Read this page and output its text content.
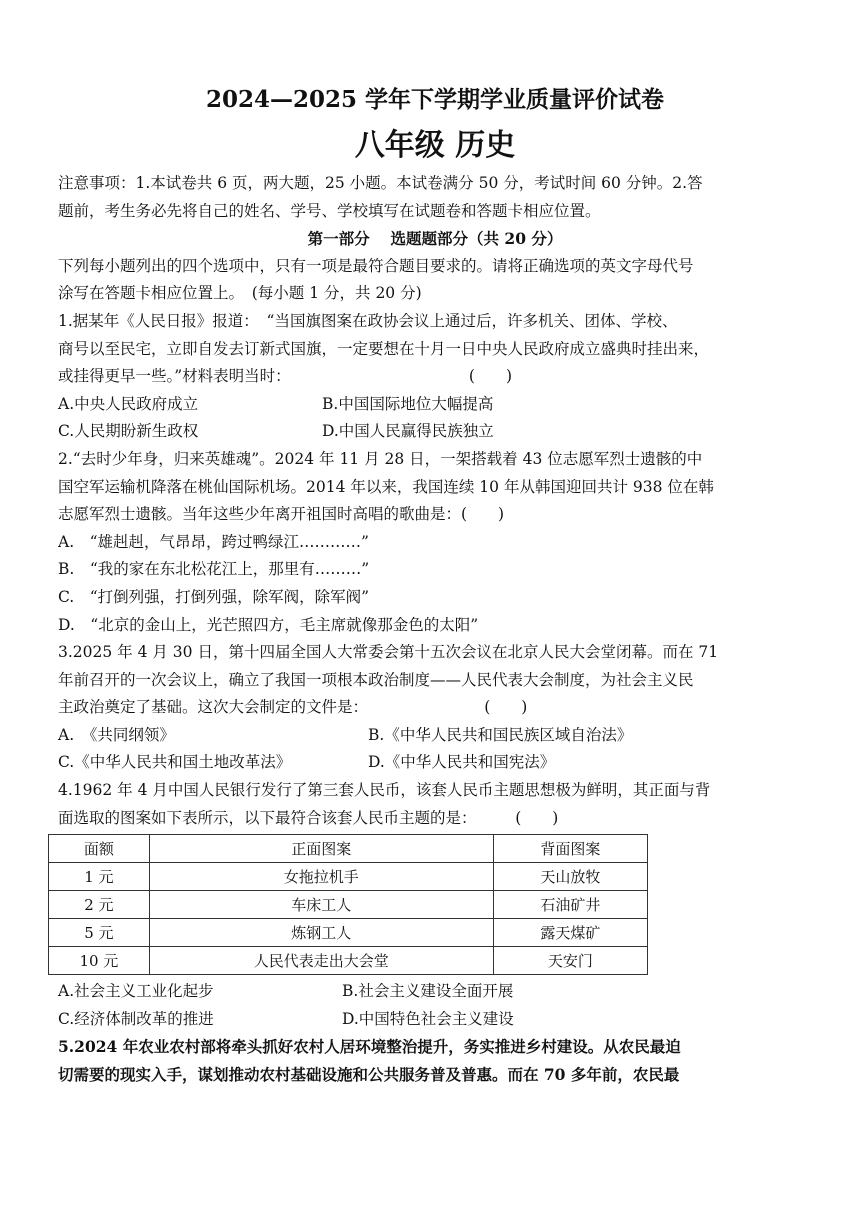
2024—2025 学年下学期学业质量评价试卷
八年级 历史

注意事项：1.本试卷共 6 页，两大题，25 小题。本试卷满分 50 分，考试时间 60 分钟。2.答

题前，考生务必先将自己的姓名、学号、学校填写在试题卷和答题卡相应位置。

第一部分　 选题题部分（共 20 分）

下列每小题列出的四个选项中，只有一项是最符合题目要求的。请将正确选项的英文字母代号

涂写在答题卡相应位置上。　(每小题 1 分，共 20 分)

1.据某年《人民日报》报道：　“当国旗图案在政协会议上通过后，许多机关、团体、学校、

商号以至民宅，立即自发去订新式国旗，一定要想在十月一日中央人民政府成立盛典时挂出来，

或挂得更早一些。”材料表明当时：　　　　　　　　　　　　(　　)

A.中央人民政府成立	B.中国国际地位大幅提高
C.人民期盼新生政权	D.中国人民赢得民族独立

2.“去时少年身，归来英雄魂”。2024 年 11 月 28 日，一架搭载着 43 位志愿军烈士遗骸的中

国空军运输机降落在桃仙国际机场。2014 年以来，我国连续 10 年从韩国迎回共计 938 位在韩

志愿军烈士遗骸。当年这些少年离开祖国时高唱的歌曲是：(　　)

A.　“雄赳赳，气昂昂，跨过鸭绿江…………”

B.　“我的家在东北松花江上，那里有………”

C.　“打倒列强，打倒列强，除军阀，除军阀”

D.　“北京的金山上，光芒照四方，毛主席就像那金色的太阳”

3.2025 年 4 月 30 日，第十四届全国人大常委会第十五次会议在北京人民大会堂闭幕。而在 71

年前召开的一次会议上，确立了我国一项根本政治制度——人民代表大会制度，为社会主义民

主政治奠定了基础。这次大会制定的文件是：　　　　　　　　(　　)

A.　《共同纲领》	B.《中华人民共和国民族区域自治法》
C.《中华人民共和国土地改革法》	D.《中华人民共和国宪法》

4.1962 年 4 月中国人民银行发行了第三套人民币，该套人民币主题思想极为鲜明，其正面与背

面选取的图案如下表所示，以下最符合该套人民币主题的是：　　　(　　)

面额	正面图案	背面图案
1 元	女拖拉机手	天山放牧
2 元	车床工人	石油矿井
5 元	炼钢工人	露天煤矿
10 元	人民代表走出大会堂	天安门
A.社会主义工业化起步	B.社会主义建设全面开展
C.经济体制改革的推进	D.中国特色社会主义建设

5.2024 年农业农村部将牵头抓好农村人居环境整治提升，务实推进乡村建设。从农民最迫

切需要的现实入手，谋划推动农村基础设施和公共服务普及普惠。而在 70 多年前，农民最
